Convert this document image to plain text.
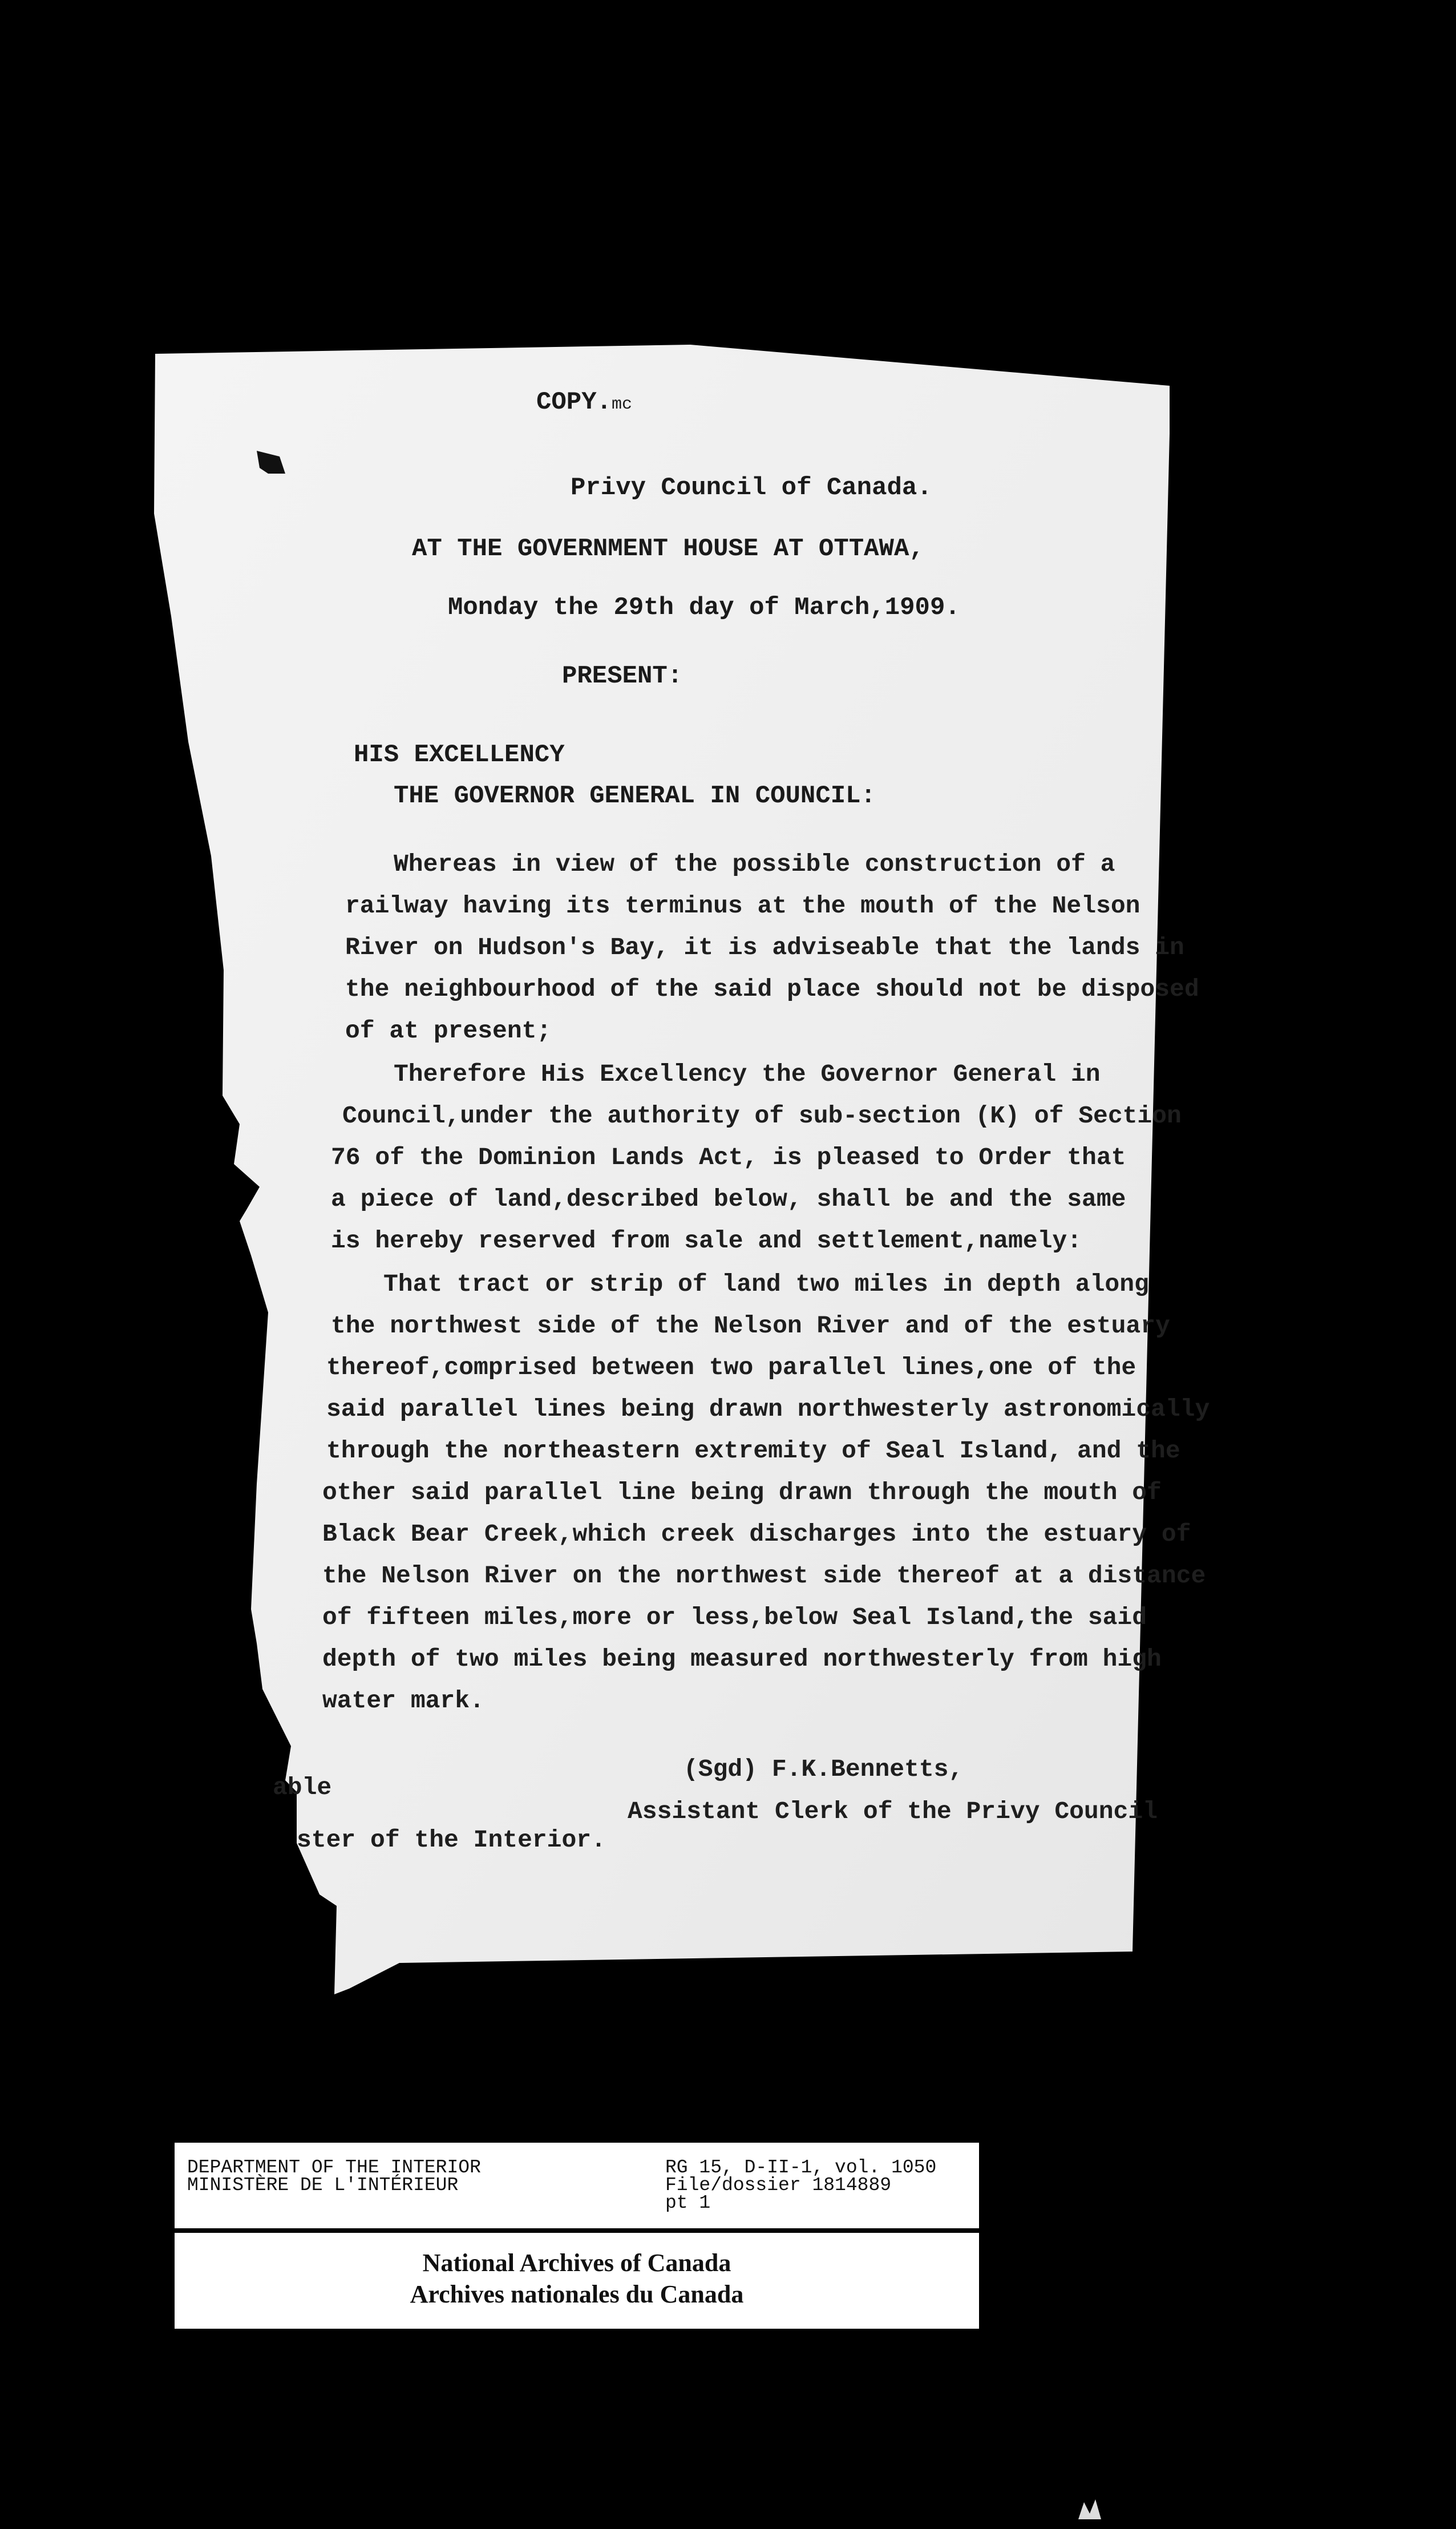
COPY.mc
Privy Council of Canada.
AT THE GOVERNMENT HOUSE AT OTTAWA,
Monday the 29th day of March,1909.
PRESENT:
HIS EXCELLENCY
THE GOVERNOR GENERAL IN COUNCIL:
Whereas in view of the possible construction of a
railway having its terminus at the mouth of the Nelson
River on Hudson's Bay, it is adviseable that the lands in
the neighbourhood of the said place should not be disposed
of at present;
Therefore His Excellency the Governor General in
Council,under the authority of sub-section (K) of Section
76 of the Dominion Lands Act, is pleased to Order that
a piece of land,described below, shall be and the same
is hereby reserved from sale and settlement,namely:
That tract or strip of land two miles in depth along
the northwest side of the Nelson River and of the estuary
thereof,comprised between two parallel lines,one of the
said parallel lines being drawn northwesterly astronomically
through the northeastern extremity of Seal Island, and the
other said parallel line being drawn through the mouth of
Black Bear Creek,which creek discharges into the estuary of
the Nelson River on the northwest side thereof at a distance
of fifteen miles,more or less,below Seal Island,the said
depth of two miles being measured northwesterly from high
water mark.
(Sgd) F.K.Bennetts,
Assistant Clerk of the Privy Council
able
ster of the Interior.
DEPARTMENT OF THE INTERIOR
MINISTÈRE DE L'INTÉRIEUR
RG 15, D-II-1, vol. 1050
File/dossier 1814889
pt 1
National Archives of Canada
Archives nationales du Canada
